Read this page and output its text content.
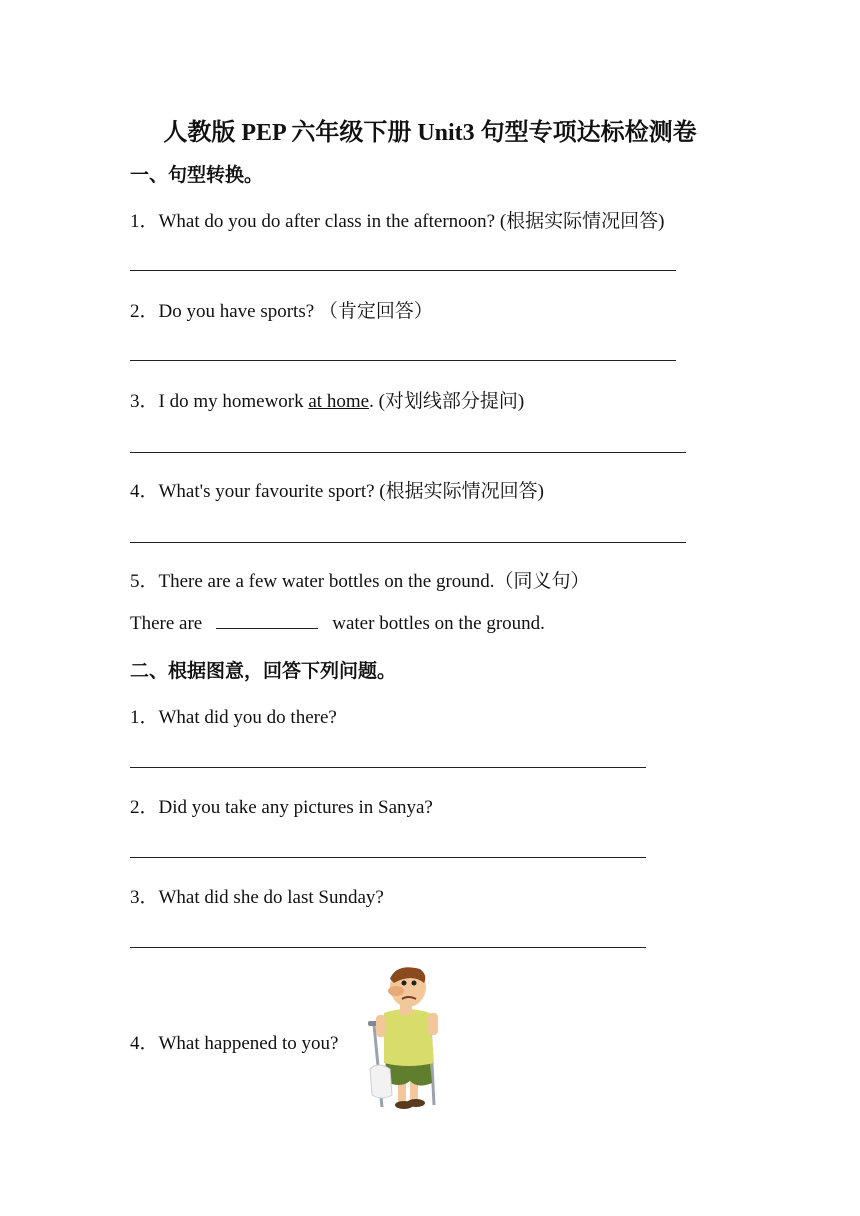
人教版 PEP 六年级下册 Unit3 句型专项达标检测卷
一、句型转换。
1．What do you do after class in the afternoon? (根据实际情况回答)
2．Do you have sports? （肯定回答）
3．I do my homework at home. (对划线部分提问)
4．What's your favourite sport? (根据实际情况回答)
5．There are a few water bottles on the ground.（同义句）
There are	water bottles on the ground.
二、根据图意，回答下列问题。
1．What did you do there?
2．Did you take any pictures in Sanya?
3．What did she do last Sunday?
4．What happened to you?
